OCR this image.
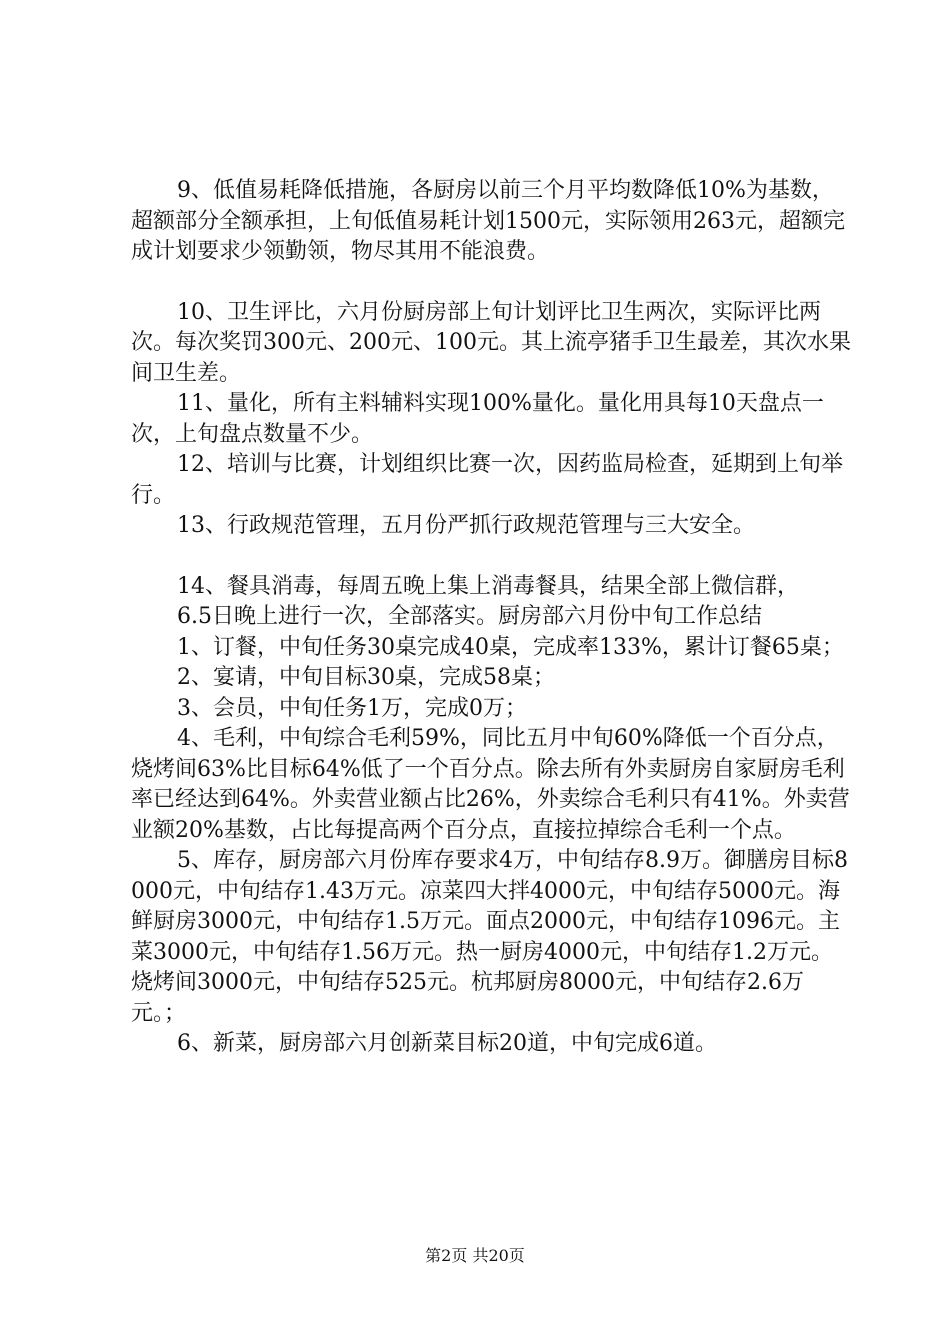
9、低值易耗降低措施，各厨房以前三个月平均数降低10%为基数，超额部分全额承担，上旬低值易耗计划1500元，实际领用263元，超额完成计划要求少领勤领，物尽其用不能浪费。

10、卫生评比，六月份厨房部上旬计划评比卫生两次，实际评比两次。每次奖罚300元、200元、100元。其上流亭猪手卫生最差，其次水果间卫生差。

11、量化，所有主料辅料实现100%量化。量化用具每10天盘点一次，上旬盘点数量不少。

12、培训与比赛，计划组织比赛一次，因药监局检查，延期到上旬举行。

13、行政规范管理，五月份严抓行政规范管理与三大安全。

14、餐具消毒，每周五晚上集上消毒餐具，结果全部上微信群，

6.5日晚上进行一次，全部落实。厨房部六月份中旬工作总结

1、订餐，中旬任务30桌完成40桌，完成率133%，累计订餐65桌；

2、宴请，中旬目标30桌，完成58桌；

3、会员，中旬任务1万，完成0万；

4、毛利，中旬综合毛利59%，同比五月中旬60%降低一个百分点，烧烤间63%比目标64%低了一个百分点。除去所有外卖厨房自家厨房毛利率已经达到64%。外卖营业额占比26%，外卖综合毛利只有41%。外卖营业额20%基数，占比每提高两个百分点，直接拉掉综合毛利一个点。

5、库存，厨房部六月份库存要求4万，中旬结存8.9万。御膳房目标8000元，中旬结存1.43万元。凉菜四大拌4000元，中旬结存5000元。海鲜厨房3000元，中旬结存1.5万元。面点2000元，中旬结存1096元。主菜3000元，中旬结存1.56万元。热一厨房4000元，中旬结存1.2万元。烧烤间3000元，中旬结存525元。杭邦厨房8000元，中旬结存2.6万元。；

6、新菜，厨房部六月创新菜目标20道，中旬完成6道。

第2页 共20页
